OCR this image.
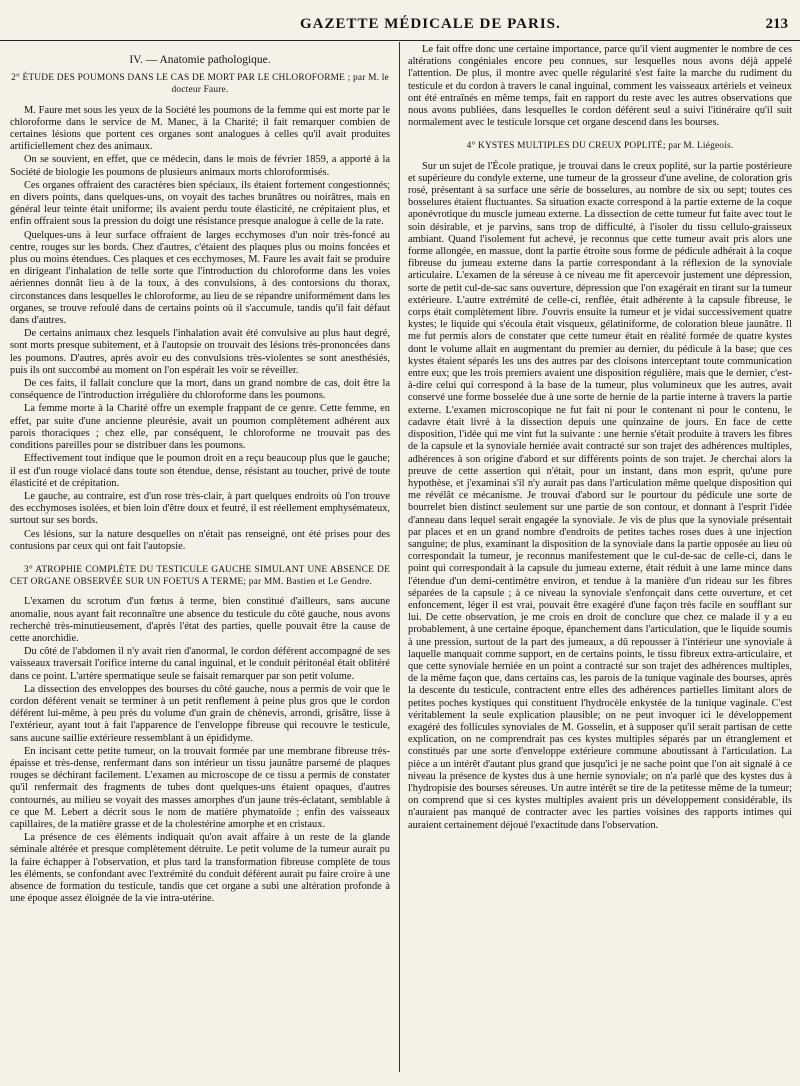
GAZETTE MÉDICALE DE PARIS.	213
IV. — Anatomie pathologique.
2° ÉTUDE DES POUMONS DANS LE CAS DE MORT PAR LE CHLOROFORME ; par M. le docteur Faure.

M. Faure met sous les yeux de la Société les poumons de la femme qui est morte par le chloroforme dans le service de M. Manec, à la Charité; il fait remarquer combien de certaines lésions que portent ces organes sont analogues à celles qu'il avait produites artificiellement chez des animaux.

On se souvient, en effet, que ce médecin, dans le mois de février 1859, a apporté à la Société de biologie les poumons de plusieurs animaux morts chloroformisés.

Ces organes offraient des caractères bien spéciaux, ils étaient fortement congestionnés; en divers points, dans quelques-uns, on voyait des taches brunâtres ou noirâtres, mais en général leur teinte était uniforme; ils avaient perdu toute élasticité, ne crépitaient plus, et enfin offraient sous la pression du doigt une résistance presque analogue à celle de la rate.

Quelques-uns à leur surface offraient de larges ecchymoses d'un noir très-foncé au centre, rouges sur les bords. Chez d'autres, c'étaient des plaques plus ou moins foncées et plus ou moins étendues. Ces plaques et ces ecchymoses, M. Faure les avait fait se produire en dirigeant l'inhalation de telle sorte que l'introduction du chloroforme dans les voies aériennes donnât lieu à de la toux, à des convulsions, à des contorsions du thorax, circonstances dans lesquelles le chloroforme, au lieu de se répandre uniformément dans les organes, se trouve refoulé dans de certains points où il s'accumule, tandis qu'il fait défaut dans d'autres.

De certains animaux chez lesquels l'inhalation avait été convulsive au plus haut degré, sont morts presque subitement, et à l'autopsie on trouvait des lésions très-prononcées dans les poumons. D'autres, après avoir eu des convulsions très-violentes se sont anesthésiés, puis ils ont succombé au moment on l'on espérait les voir se réveiller.

De ces faits, il fallait conclure que la mort, dans un grand nombre de cas, doit être la conséquence de l'introduction irrégulière du chloroforme dans les poumons.

La femme morte à la Charité offre un exemple frappant de ce genre. Cette femme, en effet, par suite d'une ancienne pleurésie, avait un poumon complètement adhérent aux parois thoraciques ; chez elle, par conséquent, le chloroforme ne trouvait pas des conditions pareilles pour se distribuer dans les poumons.

Effectivement tout indique que le poumon droit en a reçu beaucoup plus que le gauche; il est d'un rouge violacé dans toute son étendue, dense, résistant au toucher, privé de toute élasticité et de crépitation.

Le gauche, au contraire, est d'un rose très-clair, à part quelques endroits où l'on trouve des ecchymoses isolées, et bien loin d'être doux et feutré, il est réellement emphysémateux, surtout sur ses bords.

Ces lésions, sur la nature desquelles on n'était pas renseigné, ont été prises pour des contusions par ceux qui ont fait l'autopsie.

3° ATROPHIE COMPLÈTE DU TESTICULE GAUCHE SIMULANT UNE ABSENCE DE CET ORGANE OBSERVÉE SUR UN FOETUS A TERME; par MM. Bastien et Le Gendre.

L'examen du scrotum d'un fœtus à terme, bien constitué d'ailleurs, sans aucune anomalie, nous ayant fait reconnaître une absence du testicule du côté gauche, nous avons recherché très-minutieusement, d'après l'état des parties, quelle pouvait être la cause de cette anorchidie.

Du côté de l'abdomen il n'y avait rien d'anormal, le cordon déférent accompagné de ses vaisseaux traversait l'orifice interne du canal inguinal, et le conduit péritonéal était oblitéré dans ce point. L'artère spermatique seule se faisait remarquer par son petit volume.

La dissection des enveloppes des bourses du côté gauche, nous a permis de voir que le cordon déférent venait se terminer à un petit renflement à peine plus gros que le cordon déférent lui-même, à peu près du volume d'un grain de chènevis, arrondi, grisâtre, lisse à l'extérieur, ayant tout à fait l'apparence de l'enveloppe fibreuse qui recouvre le testicule, sans aucune saillie extérieure ressemblant à un épididyme.

En incisant cette petite tumeur, on la trouvait formée par une membrane fibreuse très-épaisse et très-dense, renfermant dans son intérieur un tissu jaunâtre parsemé de plaques rouges se déchirant facilement. L'examen au microscope de ce tissu a permis de constater qu'il renfermait des fragments de tubes dont quelques-uns étaient opaques, d'autres contournés, au milieu se voyait des masses amorphes d'un jaune très-éclatant, semblable à ce que M. Lebert a décrit sous le nom de matière phymatoïde ; enfin des vaisseaux capillaires, de la matière grasse et de la cholestérine amorphe et en cristaux.

La présence de ces éléments indiquait qu'on avait affaire à un reste de la glande séminale altérée et presque complètement détruite. Le petit volume de la tumeur aurait pu la faire échapper à l'observation, et plus tard la transformation fibreuse complète de tous les éléments, se confondant avec l'extrémité du conduit déférent aurait pu faire croire à une absence de formation du testicule, tandis que cet organe a subi une altération profonde à une époque assez éloignée de la vie intra-utérine.

Le fait offre donc une certaine importance, parce qu'il vient augmenter le nombre de ces altérations congéniales encore peu connues, sur lesquelles nous avons déjà appelé l'attention. De plus, il montre avec quelle régularité s'est faite la marche du rudiment du testicule et du cordon à travers le canal inguinal, comment les vaisseaux artériels et veineux ont été entraînés en même temps, fait en rapport du reste avec les autres observations que nous avons publiées, dans lesquelles le cordon déférent seul a suivi l'itinéraire qu'il suit normalement avec le testicule lorsque cet organe descend dans les bourses.

4° KYSTES MULTIPLES DU CREUX POPLITÉ; par M. Liégeois.

Sur un sujet de l'École pratique, je trouvai dans le creux poplité, sur la partie postérieure et supérieure du condyle externe, une tumeur de la grosseur d'une aveline, de coloration gris rosé, présentant à sa surface une série de bosselures, au nombre de six ou sept; toutes ces bosselures étaient fluctuantes. Sa situation exacte correspond à la partie externe de la coque aponévrotique du muscle jumeau externe. La dissection de cette tumeur fut faite avec tout le soin désirable, et je parvins, sans trop de difficulté, à l'isoler du tissu cellulo-graisseux ambiant. Quand l'isolement fut achevé, je reconnus que cette tumeur avait pris alors une forme allongée, en massue, dont la partie étroite sous forme de pédicule adhérait à la coque fibreuse du jumeau externe dans la partie correspondant à la réflexion de la synoviale articulaire. L'examen de la séreuse à ce niveau me fit apercevoir justement une dépression, sorte de petit cul-de-sac sans ouverture, dépression que l'on exagérait en tirant sur la tumeur extérieure. L'autre extrémité de celle-ci, renflée, était adhérente à la capsule fibreuse, le corps était complètement libre. J'ouvris ensuite la tumeur et je vidai successivement quatre kystes; le liquide qui s'écoula était visqueux, gélatiniforme, de coloration bleue jaunâtre. Il me fut permis alors de constater que cette tumeur était en réalité formée de quatre kystes dont le volume allait en augmentant du premier au dernier, du pédicule à la base; que ces kystes étaient séparés les uns des autres par des cloisons interceptant toute communication entre eux; que les trois premiers avaient une disposition régulière, mais que le dernier, c'est-à-dire celui qui correspond à la base de la tumeur, plus volumineux que les autres, avait conservé une forme bosselée due à une sorte de hernie de la partie interne à travers la partie externe. L'examen microscopique ne fut fait ni pour le contenant ni pour le contenu, le cadavre était livré à la dissection depuis une quinzaine de jours. En face de cette disposition, l'idée qui me vint fut la suivante : une hernie s'était produite à travers les fibres de la capsule et la synoviale herniée avait contracté sur son trajet des adhérences multiples, adhérences à son origine d'abord et sur différents points de son trajet. Je cherchai alors la preuve de cette assertion qui n'était, pour un instant, dans mon esprit, qu'une pure hypothèse, et j'examinai s'il n'y aurait pas dans l'articulation même quelque disposition qui me révélât ce mécanisme. Je trouvai d'abord sur le pourtour du pédicule une sorte de bourrelet bien distinct seulement sur une partie de son contour, et donnant à l'esprit l'idée d'anneau dans lequel serait engagée la synoviale. Je vis de plus que la synoviale présentait par places et en un grand nombre d'endroits de petites taches roses dues à une injection sanguine; de plus, examinant la disposition de la synoviale dans la partie opposée au lieu où correspondait la tumeur, je reconnus manifestement que le cul-de-sac de celle-ci, dans le point qui correspondait à la capsule du jumeau externe, était réduit à une lame mince dans l'étendue d'un demi-centimètre environ, et tendue à la manière d'un rideau sur les fibres séparées de la capsule ; à ce niveau la synoviale s'enfonçait dans cette ouverture, et cet enfoncement, léger il est vrai, pouvait être exagéré d'une façon très facile en soufflant sur lui. De cette observation, je me crois en droit de conclure que chez ce malade il y a eu probablement, à une certaine époque, épanchement dans l'articulation, que le liquide soumis à une pression, surtout de la part des jumeaux, a dû repousser à l'intérieur une synoviale à laquelle manquait comme support, en de certains points, le tissu fibreux extra-articulaire, et que cette synoviale herniée en un point a contracté sur son trajet des adhérences multiples, de la même façon que, dans certains cas, les parois de la tunique vaginale des bourses, après la descente du testicule, contractent entre elles des adhérences partielles limitant alors de petites poches kystiques qui constituent l'hydrocèle enkystée de la tunique vaginale. C'est véritablement la seule explication plausible; on ne peut invoquer ici le développement exagéré des follicules synoviales de M. Gosselin, et à supposer qu'il serait partisan de cette explication, on ne comprendrait pas ces kystes multiples séparés par un étranglement et constitués par une sorte d'enveloppe extérieure commune aboutissant à l'articulation. La pièce a un intérêt d'autant plus grand que jusqu'ici je ne sache point que l'on ait signalé à ce niveau la présence de kystes dus à une hernie synoviale; on n'a parlé que des kystes dus à l'hydropisie des bourses séreuses. Un autre intérêt se tire de la petitesse même de la tumeur; on comprend que si ces kystes multiples avaient pris un développement considérable, ils n'auraient pas manqué de contracter avec les parties voisines des rapports intimes qui auraient certainement déjoué l'exactitude dans l'observation.
